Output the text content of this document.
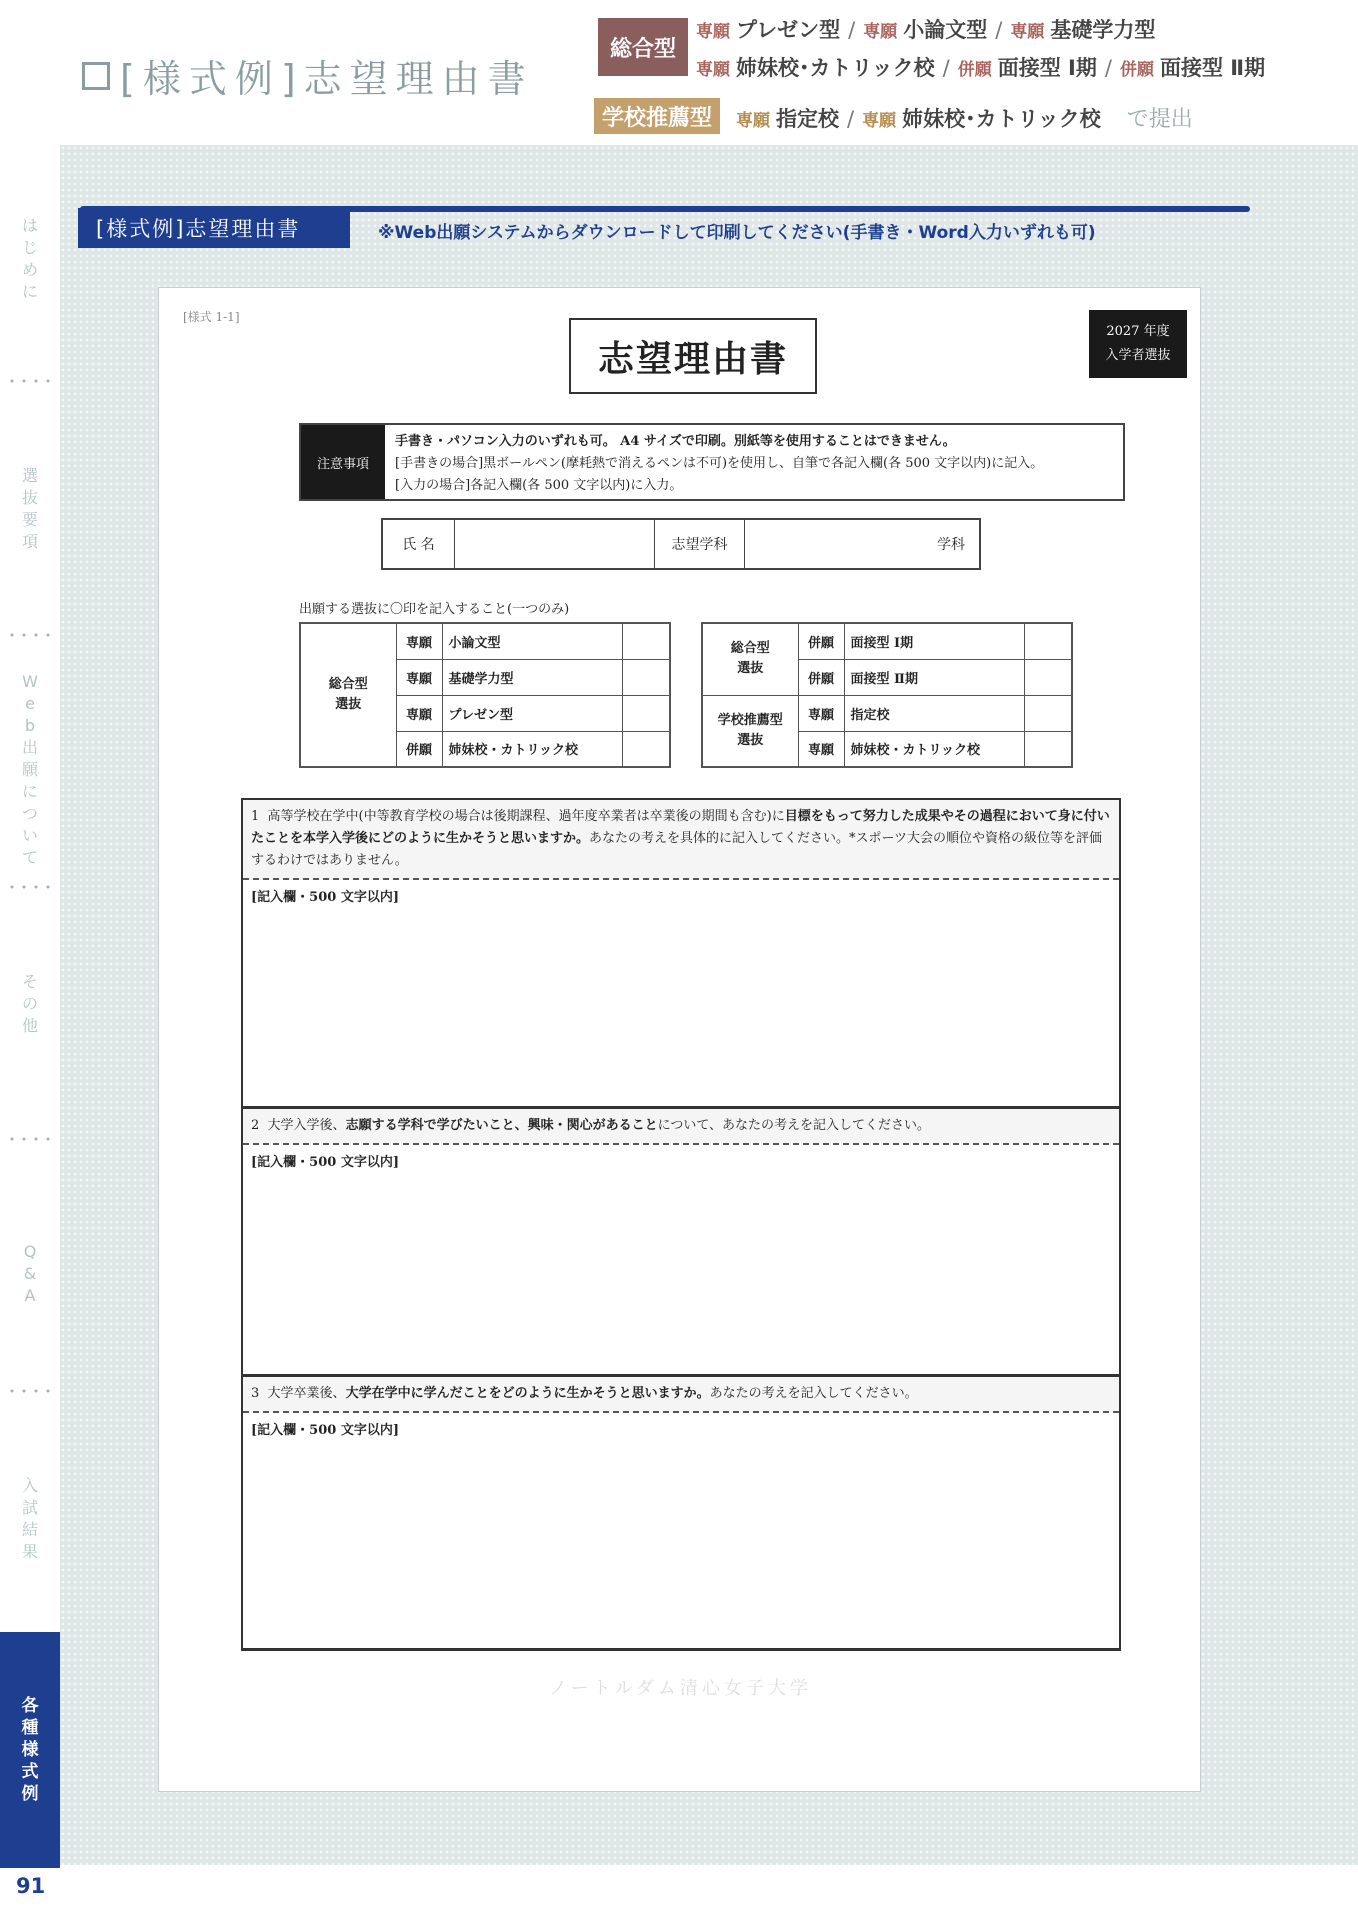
[様式例]志望理由書
総合型
学校推薦型
専願 プレゼン型 / 専願 小論文型 / 専願 基礎学力型
専願 姉妹校･カトリック校 / 併願 面接型 Ⅰ期 / 併願 面接型 Ⅱ期
専願 指定校 / 専願 姉妹校･カトリック校 で提出
は
じ
め
に
選
抜
要
項
W
e
b
出
願
に
つ
い
て
そ
の
他
Q
&
A
入
試
結
果
各
種
様
式
例
91
[様式例]志望理由書	※Web出願システムからダウンロードして印刷してください(手書き・Word入力いずれも可)
[様式 1-1]
志望理由書
2027 年度
入学者選抜
注意事項
手書き・パソコン入力のいずれも可。 A4 サイズで印刷。別紙等を使用することはできません。
[手書きの場合]黒ボールペン(摩耗熱で消えるペンは不可)を使用し、自筆で各記入欄(各 500 文字以内)に記入。
[入力の場合]各記入欄(各 500 文字以内)に入力。
氏 名	志望学科	学科
出願する選抜に〇印を記入すること(一つのみ)
総合型
選抜	専願	小論文型	
	専願	基礎学力型	
	専願	プレゼン型	
	併願	姉妹校・カトリック校	
総合型
選抜	併願	面接型 Ⅰ期	
	併願	面接型 Ⅱ期	
学校推薦型
選抜	専願	指定校	
	専願	姉妹校・カトリック校	
1 高等学校在学中(中等教育学校の場合は後期課程、過年度卒業者は卒業後の期間も含む)に目標をもって努力した成果やその過程において身に付いたことを本学入学後にどのように生かそうと思いますか。あなたの考えを具体的に記入してください。*スポーツ大会の順位や資格の級位等を評価するわけではありません。
[記入欄・500 文字以内]
2 大学入学後、志願する学科で学びたいこと、興味・関心があることについて、あなたの考えを記入してください。
[記入欄・500 文字以内]
3 大学卒業後、大学在学中に学んだことをどのように生かそうと思いますか。あなたの考えを記入してください。
[記入欄・500 文字以内]
ノートルダム清心女子大学
